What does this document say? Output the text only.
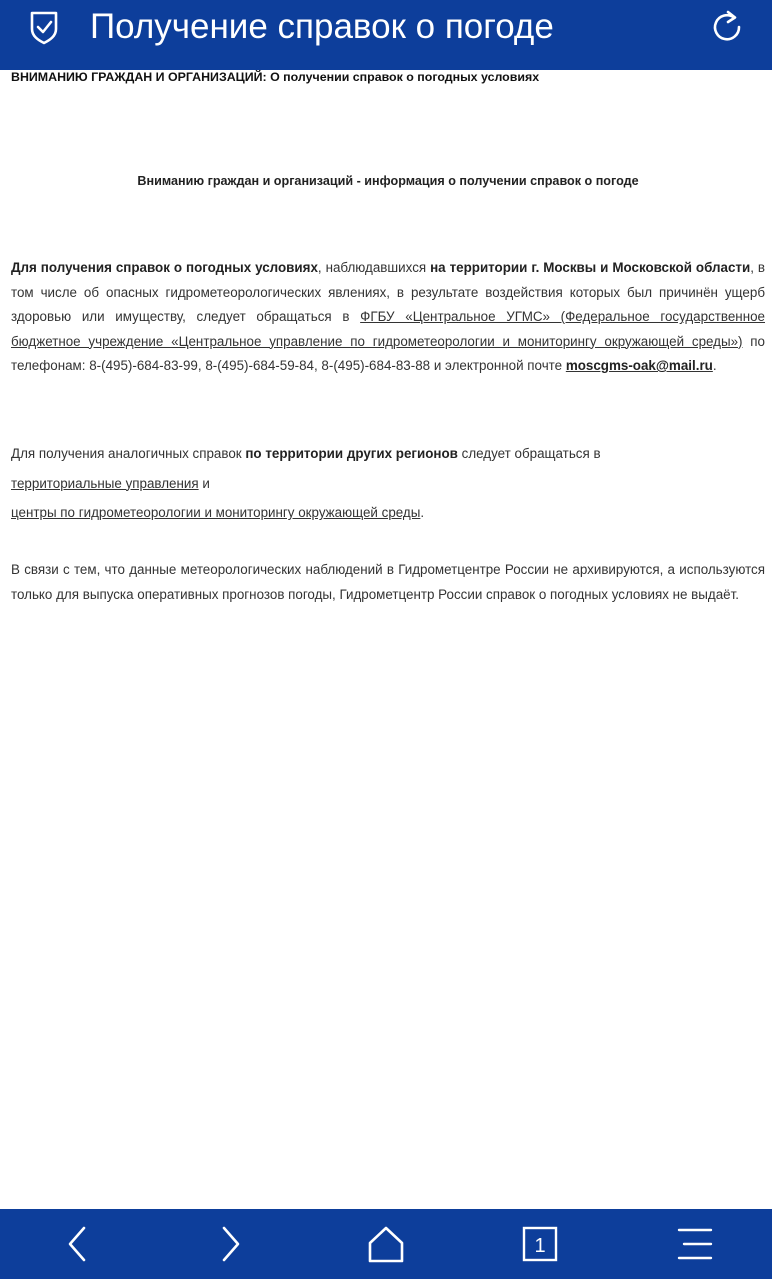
Получение справок о погоде

ВНИМАНИЮ ГРАЖДАН И ОРГАНИЗАЦИЙ: О получении справок о погодных условиях

Вниманию граждан и организаций - информация о получении справок о погоде
Для получения справок о погодных условиях, наблюдавшихся на территории г. Москвы и Московской области, в том числе об опасных гидрометеорологических явлениях, в результате воздействия которых был причинён ущерб здоровью или имуществу, следует обращаться в ФГБУ «Центральное УГМС» (Федеральное государственное бюджетное учреждение «Центральное управление по гидрометеорологии и мониторингу окружающей среды») по телефонам: 8-(495)-684-83-99, 8-(495)-684-59-84, 8-(495)-684-83-88 и электронной почте moscgms-oak@mail.ru.
Для получения аналогичных справок по территории других регионов следует обращаться в
территориальные управления и
центры по гидрометеорологии и мониторингу окружающей среды.
В связи с тем, что данные метеорологических наблюдений в Гидрометцентре России не архивируются, а используются только для выпуска оперативных прогнозов погоды, Гидрометцентр России справок о погодных условиях не выдаёт.
1
